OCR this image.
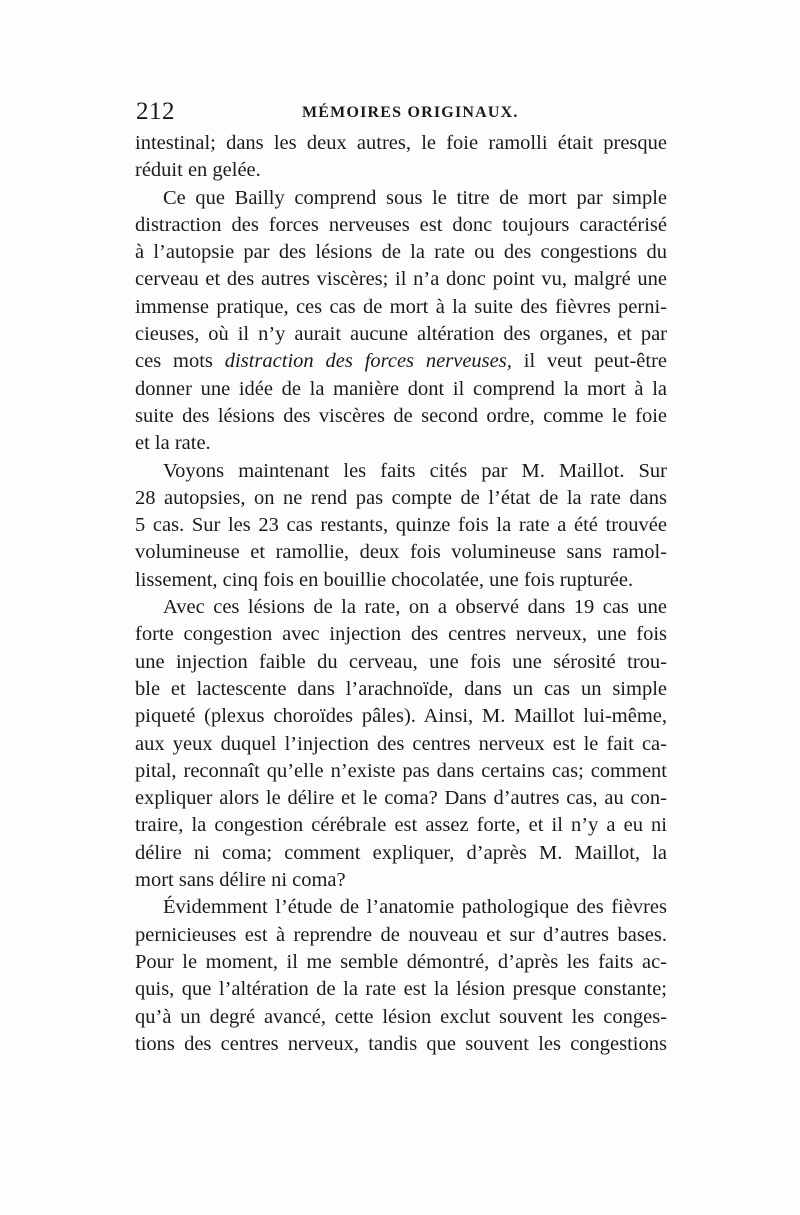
212	MÉMOIRES ORIGINAUX.
intestinal; dans les deux autres, le foie ramolli était presque
réduit en gelée.
Ce que Bailly comprend sous le titre de mort par simple
distraction des forces nerveuses est donc toujours caractérisé
à l’autopsie par des lésions de la rate ou des congestions du
cerveau et des autres viscères; il n’a donc point vu, malgré une
immense pratique, ces cas de mort à la suite des fièvres perni-
cieuses, où il n’y aurait aucune altération des organes, et par
ces mots distraction des forces nerveuses, il veut peut-être
donner une idée de la manière dont il comprend la mort à la
suite des lésions des viscères de second ordre, comme le foie
et la rate.
Voyons maintenant les faits cités par M. Maillot. Sur
28 autopsies, on ne rend pas compte de l’état de la rate dans
5 cas. Sur les 23 cas restants, quinze fois la rate a été trouvée
volumineuse et ramollie, deux fois volumineuse sans ramol-
lissement, cinq fois en bouillie chocolatée, une fois rupturée.
Avec ces lésions de la rate, on a observé dans 19 cas une
forte congestion avec injection des centres nerveux, une fois
une injection faible du cerveau, une fois une sérosité trou-
ble et lactescente dans l’arachnoïde, dans un cas un simple
piqueté (plexus choroïdes pâles). Ainsi, M. Maillot lui-même,
aux yeux duquel l’injection des centres nerveux est le fait ca-
pital, reconnaît qu’elle n’existe pas dans certains cas; comment
expliquer alors le délire et le coma? Dans d’autres cas, au con-
traire, la congestion cérébrale est assez forte, et il n’y a eu ni
délire ni coma; comment expliquer, d’après M. Maillot, la
mort sans délire ni coma?
Évidemment l’étude de l’anatomie pathologique des fièvres
pernicieuses est à reprendre de nouveau et sur d’autres bases.
Pour le moment, il me semble démontré, d’après les faits ac-
quis, que l’altération de la rate est la lésion presque constante;
qu’à un degré avancé, cette lésion exclut souvent les conges-
tions des centres nerveux, tandis que souvent les congestions
